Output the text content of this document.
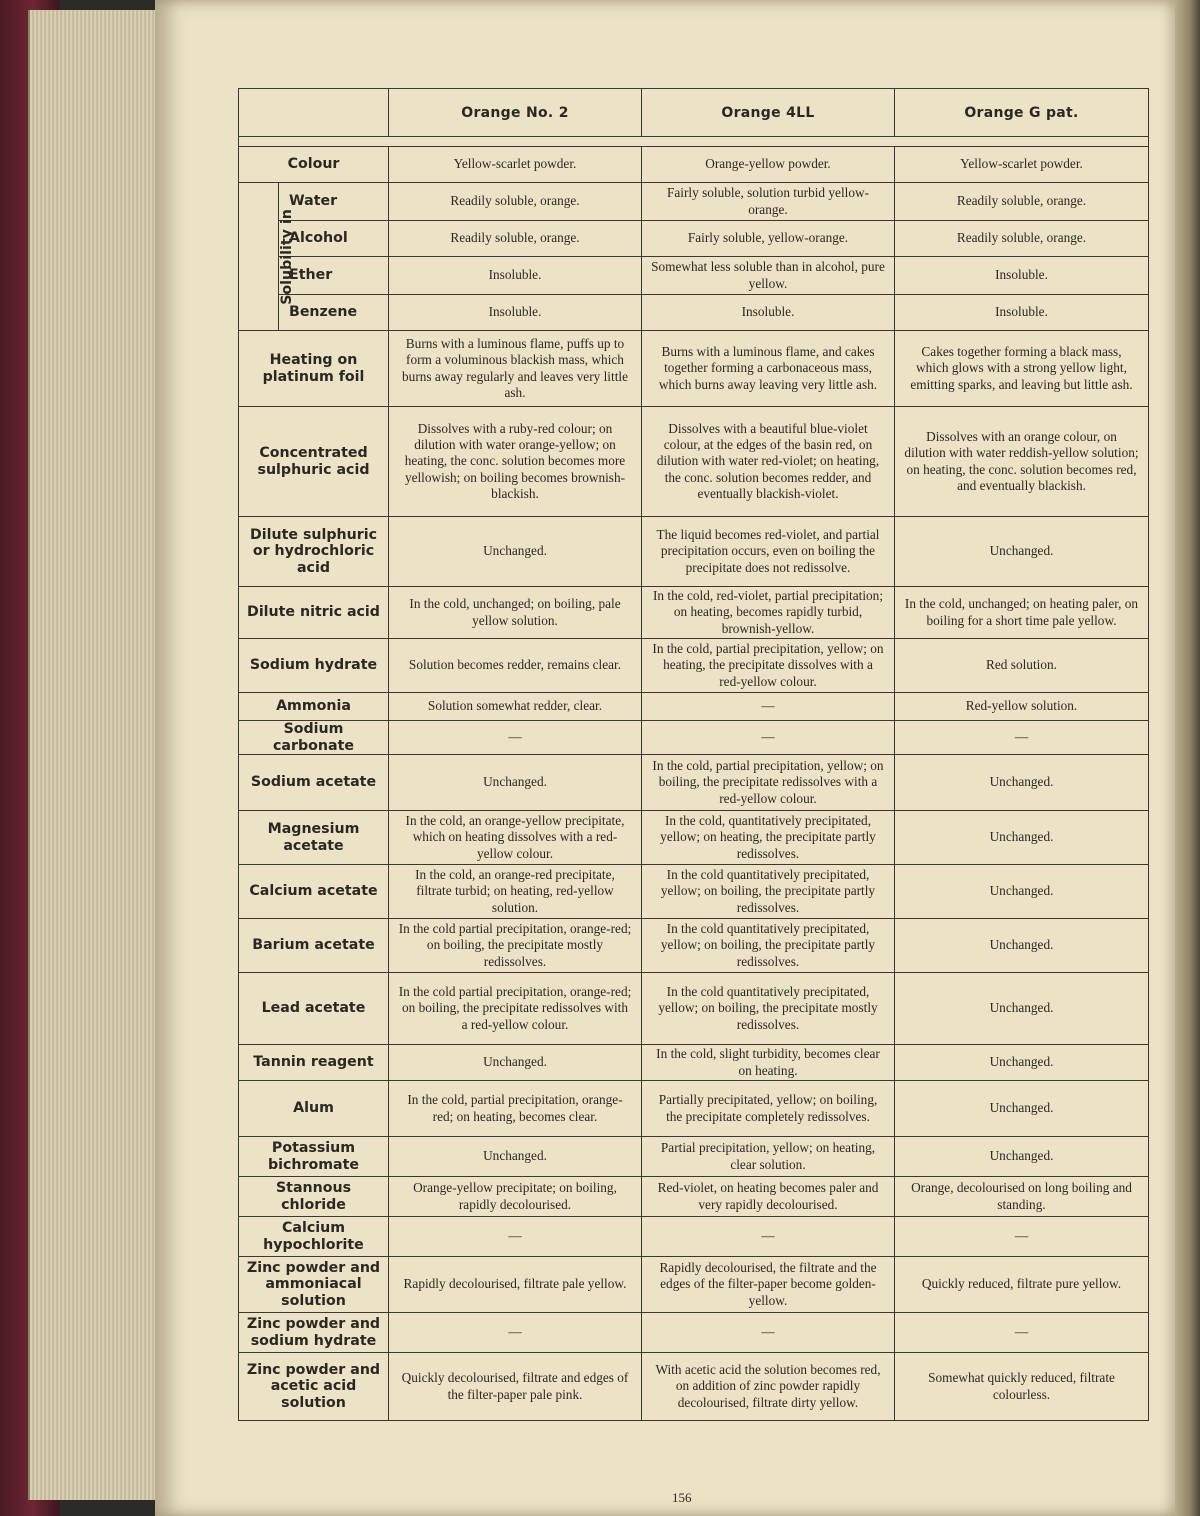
		Orange No. 2	Orange 4LL	Orange G pat.

Colour		Yellow-scarlet powder.	Orange-yellow powder.	Yellow-scarlet powder.
Solubility in	Water	Readily soluble, orange.	Fairly soluble, solution turbid yellow-orange.	Readily soluble, orange.
	Alcohol	Readily soluble, orange.	Fairly soluble, yellow-orange.	Readily soluble, orange.
	Ether	Insoluble.	Somewhat less soluble than in alcohol, pure yellow.	Insoluble.
	Benzene	Insoluble.	Insoluble.	Insoluble.
Heating on platinum foil		Burns with a luminous flame, puffs up to form a voluminous blackish mass, which burns away regularly and leaves very little ash.	Burns with a luminous flame, and cakes together forming a carbonaceous mass, which burns away leaving very little ash.	Cakes together forming a black mass, which glows with a strong yellow light, emitting sparks, and leaving but little ash.
Concentrated sulphuric acid		Dissolves with a ruby-red colour; on dilution with water orange-yellow; on heating, the conc. solution becomes more yellowish; on boiling becomes brownish-blackish.	Dissolves with a beautiful blue-violet colour, at the edges of the basin red, on dilution with water red-violet; on heating, the conc. solution becomes redder, and eventually blackish-violet.	Dissolves with an orange colour, on dilution with water reddish-yellow solution; on heating, the conc. solution becomes red, and eventually blackish.
Dilute sulphuric or hydrochloric acid		Unchanged.	The liquid becomes red-violet, and partial precipitation occurs, even on boiling the precipitate does not redissolve.	Unchanged.
Dilute nitric acid		In the cold, unchanged; on boiling, pale yellow solution.	In the cold, red-violet, partial precipitation; on heating, becomes rapidly turbid, brownish-yellow.	In the cold, unchanged; on heating paler, on boiling for a short time pale yellow.
Sodium hydrate		Solution becomes redder, remains clear.	In the cold, partial precipitation, yellow; on heating, the precipitate dissolves with a red-yellow colour.	Red solution.
Ammonia		Solution somewhat redder, clear.	—	Red-yellow solution.
Sodium carbonate		—	—	—
Sodium acetate		Unchanged.	In the cold, partial precipitation, yellow; on boiling, the precipitate redissolves with a red-yellow colour.	Unchanged.
Magnesium acetate		In the cold, an orange-yellow precipitate, which on heating dissolves with a red-yellow colour.	In the cold, quantitatively precipitated, yellow; on heating, the precipitate partly redissolves.	Unchanged.
Calcium acetate		In the cold, an orange-red precipitate, filtrate turbid; on heating, red-yellow solution.	In the cold quantitatively precipitated, yellow; on boiling, the precipitate partly redissolves.	Unchanged.
Barium acetate		In the cold partial precipitation, orange-red; on boiling, the precipitate mostly redissolves.	In the cold quantitatively precipitated, yellow; on boiling, the precipitate partly redissolves.	Unchanged.
Lead acetate		In the cold partial precipitation, orange-red; on boiling, the precipitate redissolves with a red-yellow colour.	In the cold quantitatively precipitated, yellow; on boiling, the precipitate mostly redissolves.	Unchanged.
Tannin reagent		Unchanged.	In the cold, slight turbidity, becomes clear on heating.	Unchanged.
Alum		In the cold, partial precipitation, orange-red; on heating, becomes clear.	Partially precipitated, yellow; on boiling, the precipitate completely redissolves.	Unchanged.
Potassium bichromate		Unchanged.	Partial precipitation, yellow; on heating, clear solution.	Unchanged.
Stannous chloride		Orange-yellow precipitate; on boiling, rapidly decolourised.	Red-violet, on heating becomes paler and very rapidly decolourised.	Orange, decolourised on long boiling and standing.
Calcium hypochlorite		—	—	—
Zinc powder and ammoniacal solution		Rapidly decolourised, filtrate pale yellow.	Rapidly decolourised, the filtrate and the edges of the filter-paper become golden-yellow.	Quickly reduced, filtrate pure yellow.
Zinc powder and sodium hydrate		—	—	—
Zinc powder and acetic acid solution		Quickly decolourised, filtrate and edges of the filter-paper pale pink.	With acetic acid the solution becomes red, on addition of zinc powder rapidly decolourised, filtrate dirty yellow.	Somewhat quickly reduced, filtrate colourless.
156
